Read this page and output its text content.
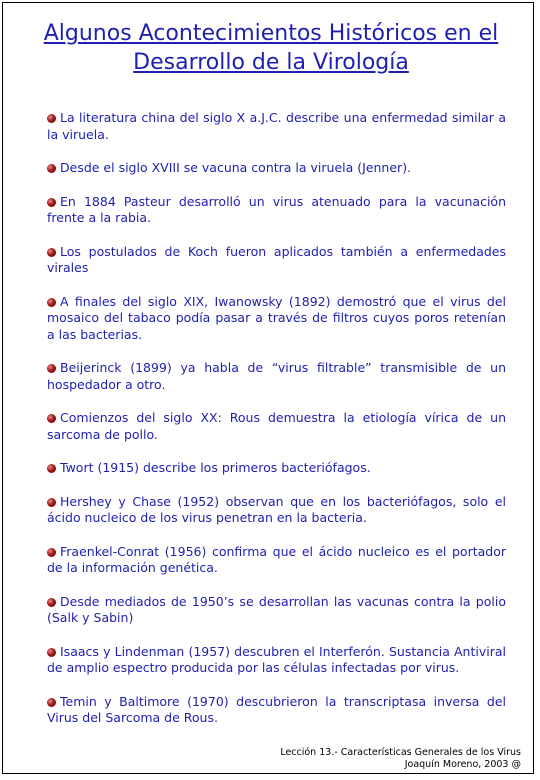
Algunos Acontecimientos Históricos en el Desarrollo de la Virología
La literatura china del siglo X a.J.C. describe una enfermedad similar a la viruela.
Desde el siglo XVIII se vacuna contra la viruela (Jenner).
En 1884 Pasteur desarrolló un virus atenuado para la vacunación frente a la rabia.
Los postulados de Koch fueron aplicados también a enfermedades virales
A finales del siglo XIX, Iwanowsky (1892) demostró que el virus del mosaico del tabaco podía pasar a través de filtros cuyos poros retenían a las bacterias.
Beijerinck (1899) ya habla de “virus filtrable” transmisible de un hospedador a otro.
Comienzos del siglo XX: Rous demuestra la etiología vírica de un sarcoma de pollo.
Twort (1915) describe los primeros bacteriófagos.
Hershey y Chase (1952) observan que en los bacteriófagos, solo el ácido nucleico de los virus penetran en la bacteria.
Fraenkel-Conrat (1956) confirma que el ácido nucleico es el portador de la información genética.
Desde mediados de 1950’s se desarrollan las vacunas contra la polio (Salk y Sabin)
Isaacs y Lindenman (1957) descubren el Interferón. Sustancia Antiviral de amplio espectro producida por las células infectadas por virus.
Temin y Baltimore (1970) descubrieron la transcriptasa inversa del Virus del Sarcoma de Rous.
Lección 13.- Características Generales de los Virus
Joaquín Moreno, 2003 @
